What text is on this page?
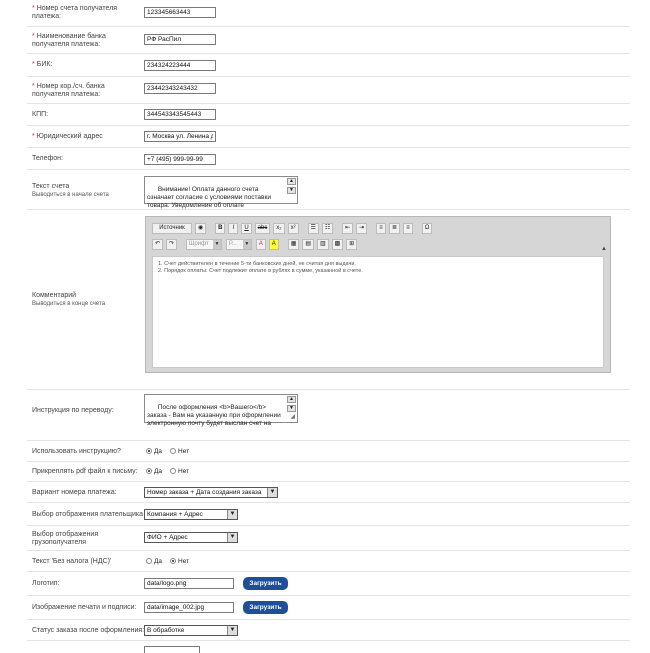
* Номер счета получателя платежа:
123345663443
* Наименование банка получателя платежа:
РФ РасПил
* БИК:
234324223444
* Номер кор./сч. банка получателя платежа:
23442343243432
КПП:
344543343545443
* Юридический адрес
г. Москва ул. Ленина д
Телефон:
+7 (495) 999-99-99
Текст счета
Выводиться в начале счета

Внимание! Оплата данного счета означает согласие с условиями поставки товара. Уведомление об оплате

▲
▼

Комментарий
Выводиться в конце счета
Источник ◉ B I U abc x₂ x² ☰ ☷ ⇤ ⇥	≡ ≣ ≡	Ω
↶ ↷ Шрифт	▼ Р...	▼ A A ▦ ▤ ▥ ▩ ⊞
▲
1. Счет действителен в течение 5-ти банковских дней, не считая дня выдачи.
2. Порядок оплаты: Счет подлежит оплате в рублях в сумме, указанной в счете.
Инструкция по переводу:	После оформления <b>Вашего</b> заказа - Вам на указанную при оформлении электронную почту будет выслан счет на

▲
▼

◢

Использовать инструкцию?	Да	Нет
Прикреплять pdf файл к письму:	Да	Нет
Вариант номера платежа:	Номер заказа + Дата создания заказа	▼
Выбор отображения плательщика Компания + Адрес	▼
Выбор отображения грузополучателя
ФИО + Адрес	▼
Текст 'Без налога (НДС)'	Да	Нет
Логотип:
data/logo.png	Загрузить
Изображение печати и подписи:
data/image_002.jpg	Загрузить
Статус заказа после оформления: В обработке	▼
